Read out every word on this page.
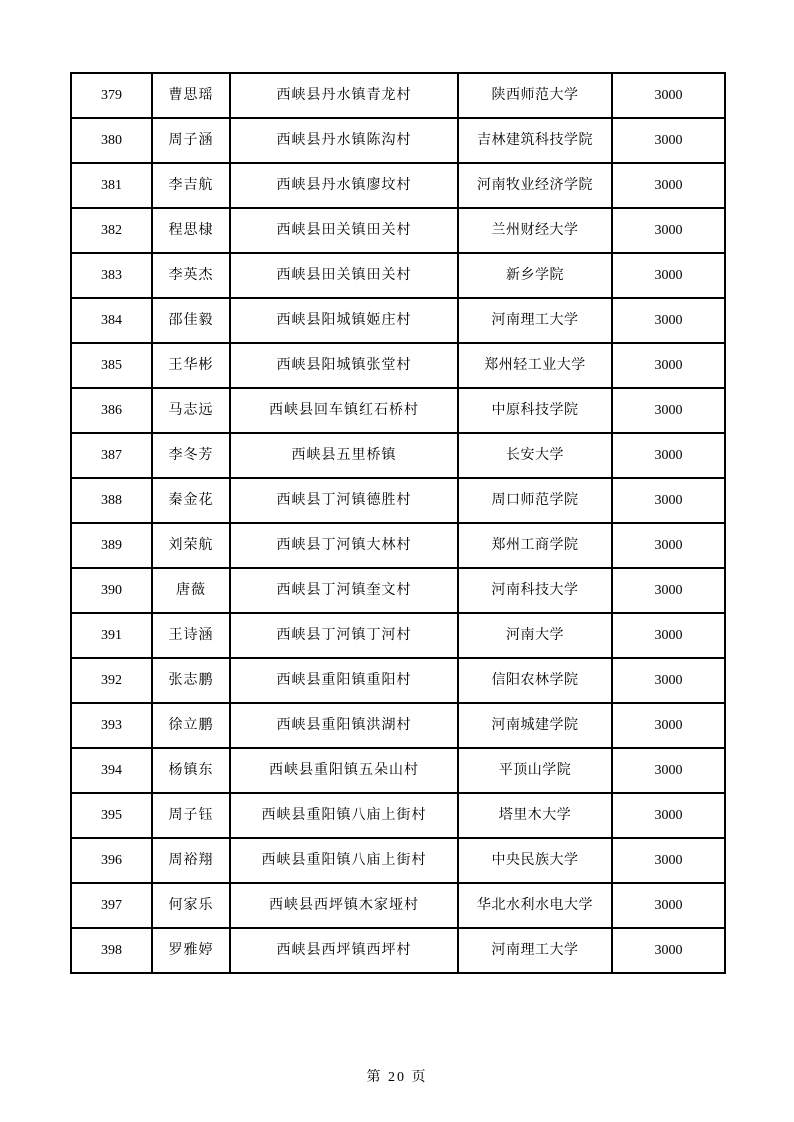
379	曹思瑶	西峡县丹水镇青龙村	陕西师范大学	3000
380	周子涵	西峡县丹水镇陈沟村	吉林建筑科技学院	3000
381	李吉航	西峡县丹水镇廖坟村	河南牧业经济学院	3000
382	程思棣	西峡县田关镇田关村	兰州财经大学	3000
383	李英杰	西峡县田关镇田关村	新乡学院	3000
384	邵佳毅	西峡县阳城镇姬庄村	河南理工大学	3000
385	王华彬	西峡县阳城镇张堂村	郑州轻工业大学	3000
386	马志远	西峡县回车镇红石桥村	中原科技学院	3000
387	李冬芳	西峡县五里桥镇	长安大学	3000
388	秦金花	西峡县丁河镇德胜村	周口师范学院	3000
389	刘荣航	西峡县丁河镇大林村	郑州工商学院	3000
390	唐薇	西峡县丁河镇奎文村	河南科技大学	3000
391	王诗涵	西峡县丁河镇丁河村	河南大学	3000
392	张志鹏	西峡县重阳镇重阳村	信阳农林学院	3000
393	徐立鹏	西峡县重阳镇洪湖村	河南城建学院	3000
394	杨镇东	西峡县重阳镇五朵山村	平顶山学院	3000
395	周子钰	西峡县重阳镇八庙上街村	塔里木大学	3000
396	周裕翔	西峡县重阳镇八庙上街村	中央民族大学	3000
397	何家乐	西峡县西坪镇木家垭村	华北水利水电大学	3000
398	罗雅婷	西峡县西坪镇西坪村	河南理工大学	3000
第 20 页
